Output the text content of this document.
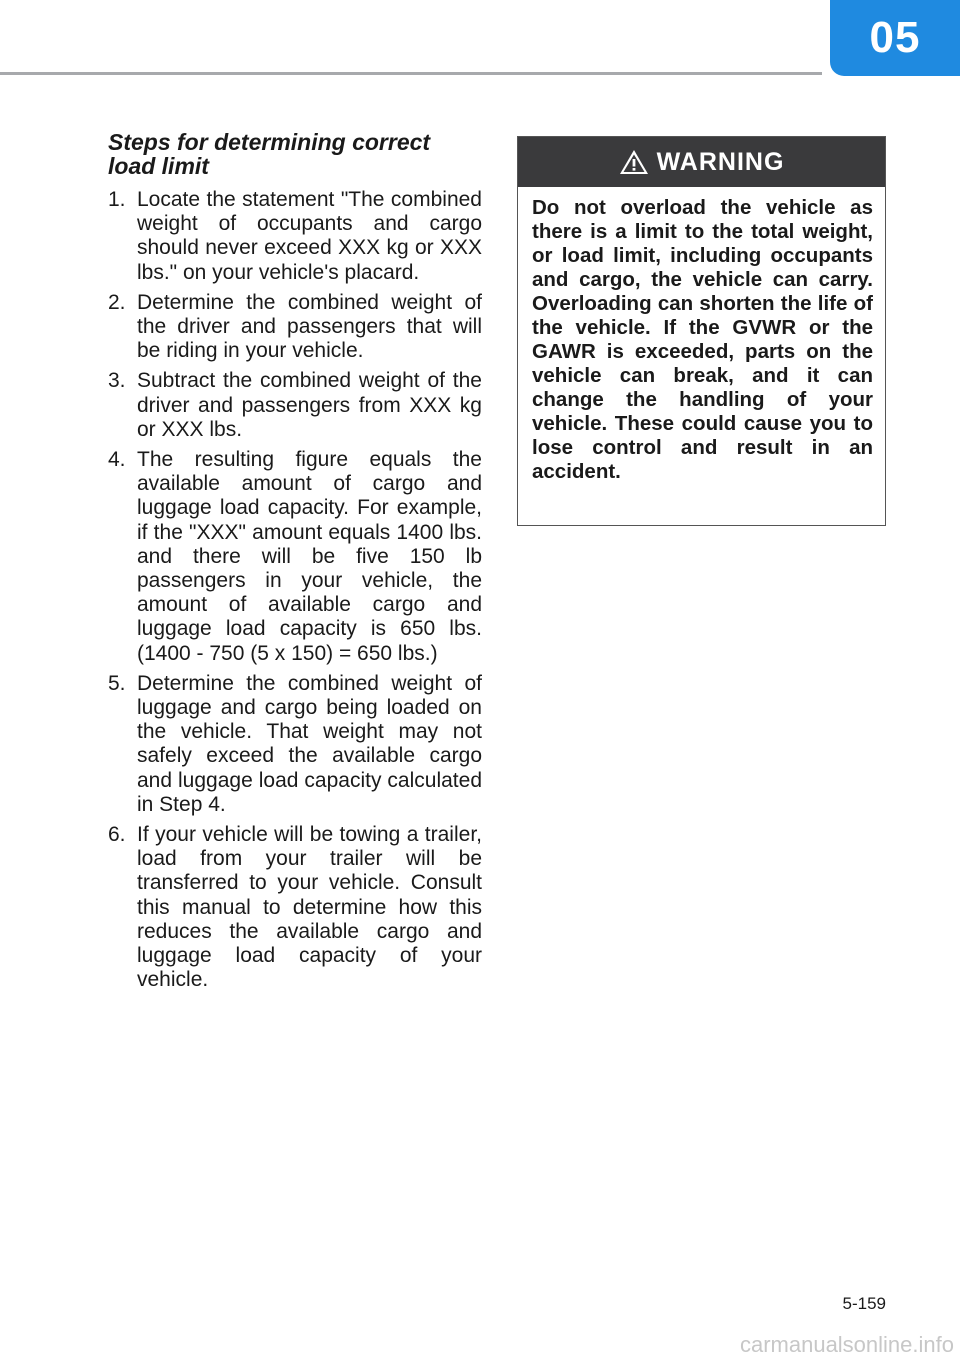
05
Steps for determining correct load limit
1. Locate the statement "The combined weight of occupants and cargo should never exceed XXX kg or XXX lbs." on your vehicle's placard.
2. Determine the combined weight of the driver and passengers that will be riding in your vehicle.
3. Subtract the combined weight of the driver and passengers from XXX kg or XXX lbs.
4. The resulting figure equals the available amount of cargo and luggage load capacity. For example, if the "XXX" amount equals 1400 lbs. and there will be five 150 lb passengers in your vehicle, the amount of available cargo and luggage load capacity is 650 lbs. (1400 - 750 (5 x 150) = 650 lbs.)
5. Determine the combined weight of luggage and cargo being loaded on the vehicle. That weight may not safely exceed the available cargo and luggage load capacity calculated in Step 4.
6. If your vehicle will be towing a trailer, load from your trailer will be transferred to your vehicle. Consult this manual to determine how this reduces the available cargo and luggage load capacity of your vehicle.
WARNING

Do not overload the vehicle as there is a limit to the total weight, or load limit, including occupants and cargo, the vehicle can carry. Overloading can shorten the life of the vehicle. If the GVWR or the GAWR is exceeded, parts on the vehicle can break, and it can change the handling of your vehicle. These could cause you to lose control and result in an accident.

5-159
carmanualsonline.info
